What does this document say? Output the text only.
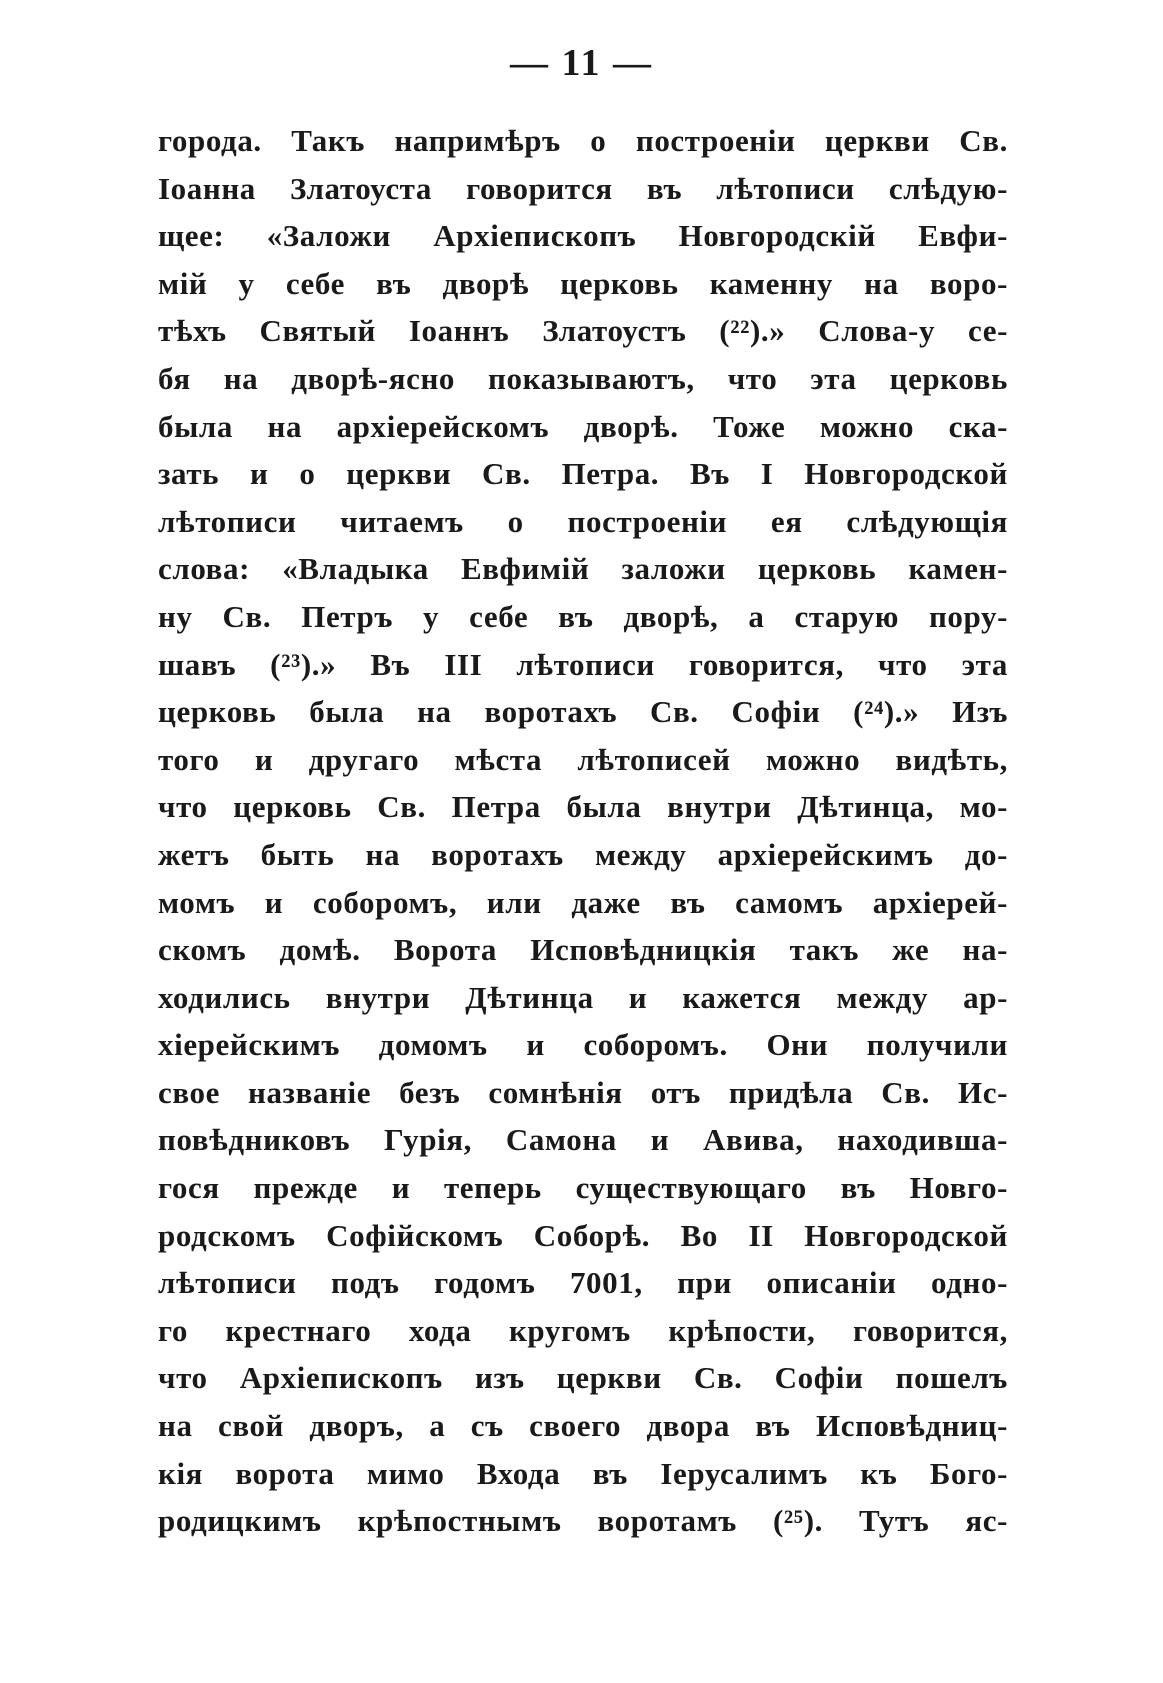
— 11 —
города. Такъ напримѣръ о построеніи церкви Св.
Іоанна Златоуста говорится въ лѣтописи слѣдую-
щее: «Заложи Архіепископъ Новгородскій Евфи-
мій у себе въ дворѣ церковь каменну на воро-
тѣхъ Святый Іоаннъ Златоустъ (²²).» Слова-у се-
бя на дворѣ-ясно показываютъ, что эта церковь
была на архіерейскомъ дворѣ. Тоже можно ска-
зать и о церкви Св. Петра. Въ I Новгородской
лѣтописи читаемъ о построеніи ея слѣдующія
слова: «Владыка Евфимій заложи церковь камен-
ну Св. Петръ у себе въ дворѣ, а старую пору-
шавъ (²³).» Въ III лѣтописи говорится, что эта
церковь была на воротахъ Св. Софіи (²⁴).» Изъ
того и другаго мѣста лѣтописей можно видѣть,
что церковь Св. Петра была внутри Дѣтинца, мо-
жетъ быть на воротахъ между архіерейскимъ до-
момъ и соборомъ, или даже въ самомъ архіерей-
скомъ домѣ. Ворота Исповѣдницкія такъ же на-
ходились внутри Дѣтинца и кажется между ар-
хіерейскимъ домомъ и соборомъ. Они получили
свое названіе безъ сомнѣнія отъ придѣла Св. Ис-
повѣдниковъ Гурія, Самона и Авива, находившa-
гося прежде и теперь существующаго въ Новго-
родскомъ Софійскомъ Соборѣ. Во II Новгородской
лѣтописи подъ годомъ 7001, при описаніи одно-
го крестнаго хода кругомъ крѣпости, говорится,
что Архіепископъ изъ церкви Св. Софіи пошелъ
на свой дворъ, а съ своего двора въ Исповѣдниц-
кія ворота мимо Входа въ Іерусалимъ къ Бого-
родицкимъ крѣпостнымъ воротамъ (²⁵). Тутъ яс-
